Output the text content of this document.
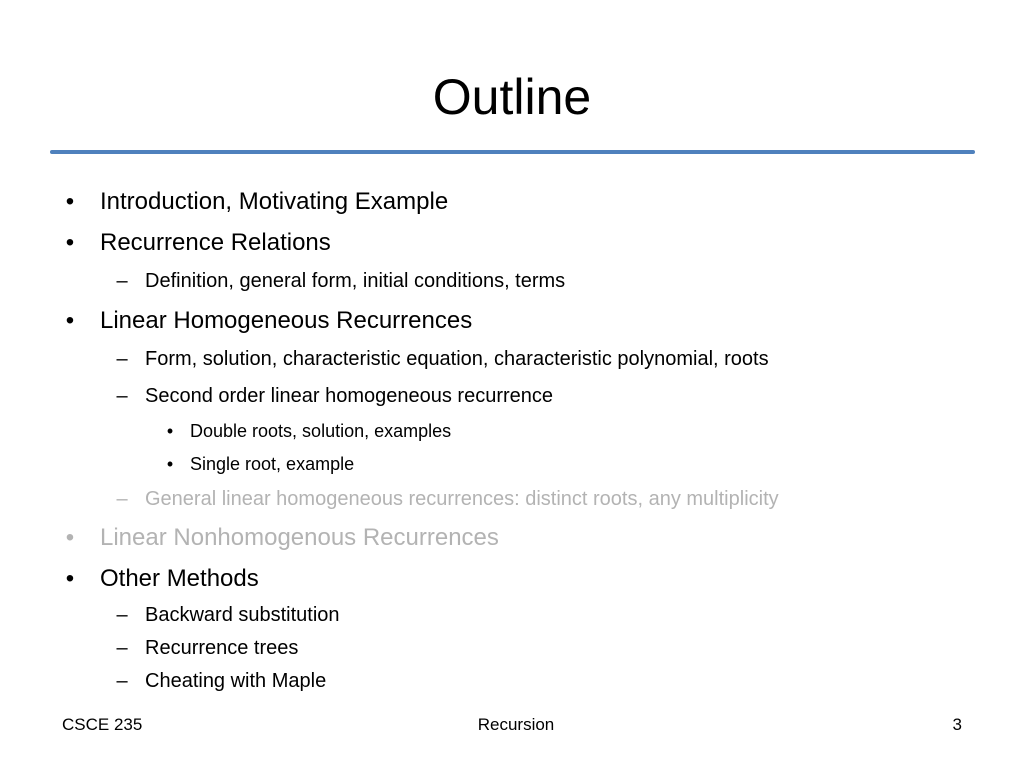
Outline
• Introduction, Motivating Example
• Recurrence Relations
– Definition, general form, initial conditions, terms
• Linear Homogeneous Recurrences
– Form, solution, characteristic equation, characteristic polynomial, roots
– Second order linear homogeneous recurrence
• Double roots, solution, examples
• Single root, example
– General linear homogeneous recurrences: distinct roots, any multiplicity
• Linear Nonhomogenous Recurrences
• Other Methods
– Backward substitution
– Recurrence trees
– Cheating with Maple
CSCE 235	Recursion	3
